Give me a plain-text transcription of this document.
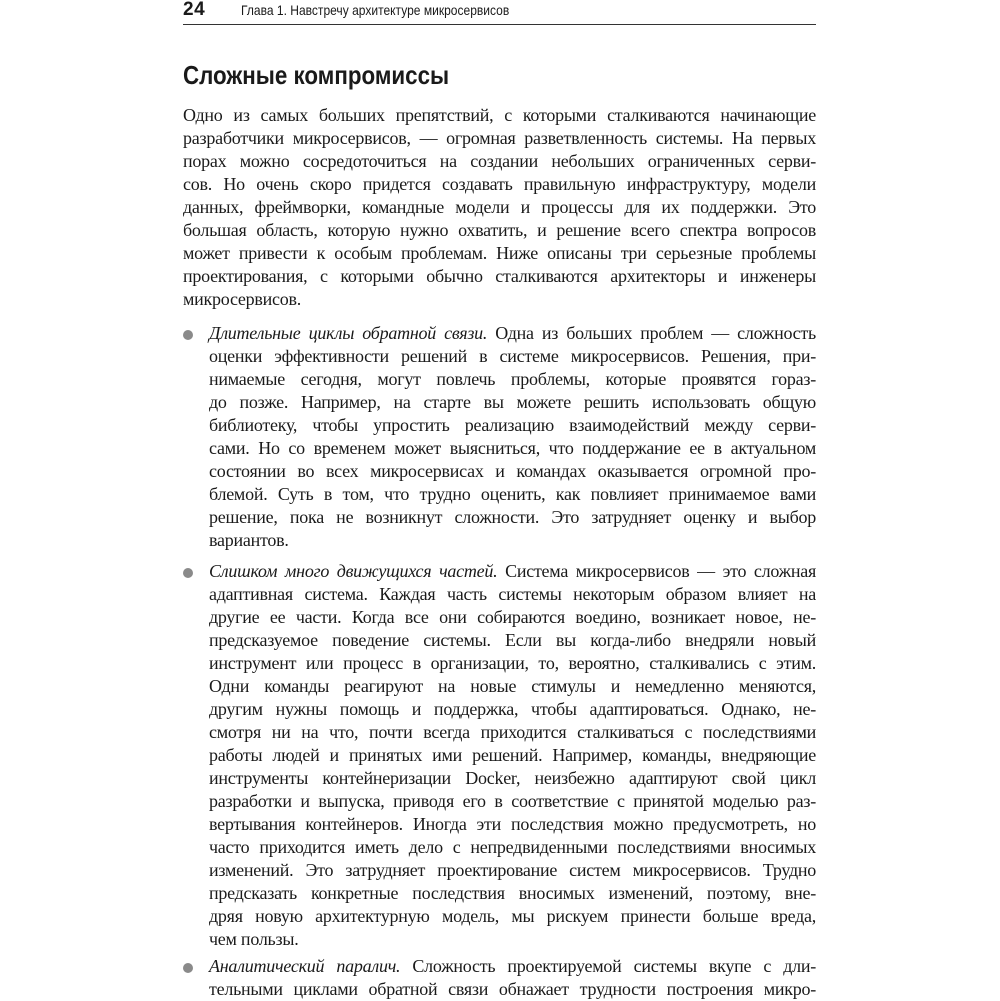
24	Глава 1. Навстречу архитектуре микросервисов
Сложные компромиссы
Одно из самых больших препятствий, с которыми сталкиваются начинающие
разработчики микросервисов, — огромная разветвленность системы. На первых
порах можно сосредоточиться на создании небольших ограниченных серви-
сов. Но очень скоро придется создавать правильную инфраструктуру, модели
данных, фреймворки, командные модели и процессы для их поддержки. Это
большая область, которую нужно охватить, и решение всего спектра вопросов
может привести к особым проблемам. Ниже описаны три серьезные проблемы
проектирования, с которыми обычно сталкиваются архитекторы и инженеры
микросервисов.
Длительные циклы обратной связи. Одна из больших проблем — сложность
оценки эффективности решений в системе микросервисов. Решения, при-
нимаемые сегодня, могут повлечь проблемы, которые проявятся гораз-
до позже. Например, на старте вы можете решить использовать общую
библиотеку, чтобы упростить реализацию взаимодействий между серви-
сами. Но со временем может выясниться, что поддержание ее в актуальном
состоянии во всех микросервисах и командах оказывается огромной про-
блемой. Суть в том, что трудно оценить, как повлияет принимаемое вами
решение, пока не возникнут сложности. Это затрудняет оценку и выбор
вариантов.
Слишком много движущихся частей. Система микросервисов — это сложная
адаптивная система. Каждая часть системы некоторым образом влияет на
другие ее части. Когда все они собираются воедино, возникает новое, не-
предсказуемое поведение системы. Если вы когда-либо внедряли новый
инструмент или процесс в организации, то, вероятно, сталкивались с этим.
Одни команды реагируют на новые стимулы и немедленно меняются,
другим нужны помощь и поддержка, чтобы адаптироваться. Однако, не-
смотря ни на что, почти всегда приходится сталкиваться с последствиями
работы людей и принятых ими решений. Например, команды, внедряющие
инструменты контейнеризации Docker, неизбежно адаптируют свой цикл
разработки и выпуска, приводя его в соответствие с принятой моделью раз-
вертывания контейнеров. Иногда эти последствия можно предусмотреть, но
часто приходится иметь дело с непредвиденными последствиями вносимых
изменений. Это затрудняет проектирование систем микросервисов. Трудно
предсказать конкретные последствия вносимых изменений, поэтому, вне-
дряя новую архитектурную модель, мы рискуем принести больше вреда,
чем пользы.
Аналитический паралич. Сложность проектируемой системы вкупе с дли-
тельными циклами обратной связи обнажает трудности построения микро-
